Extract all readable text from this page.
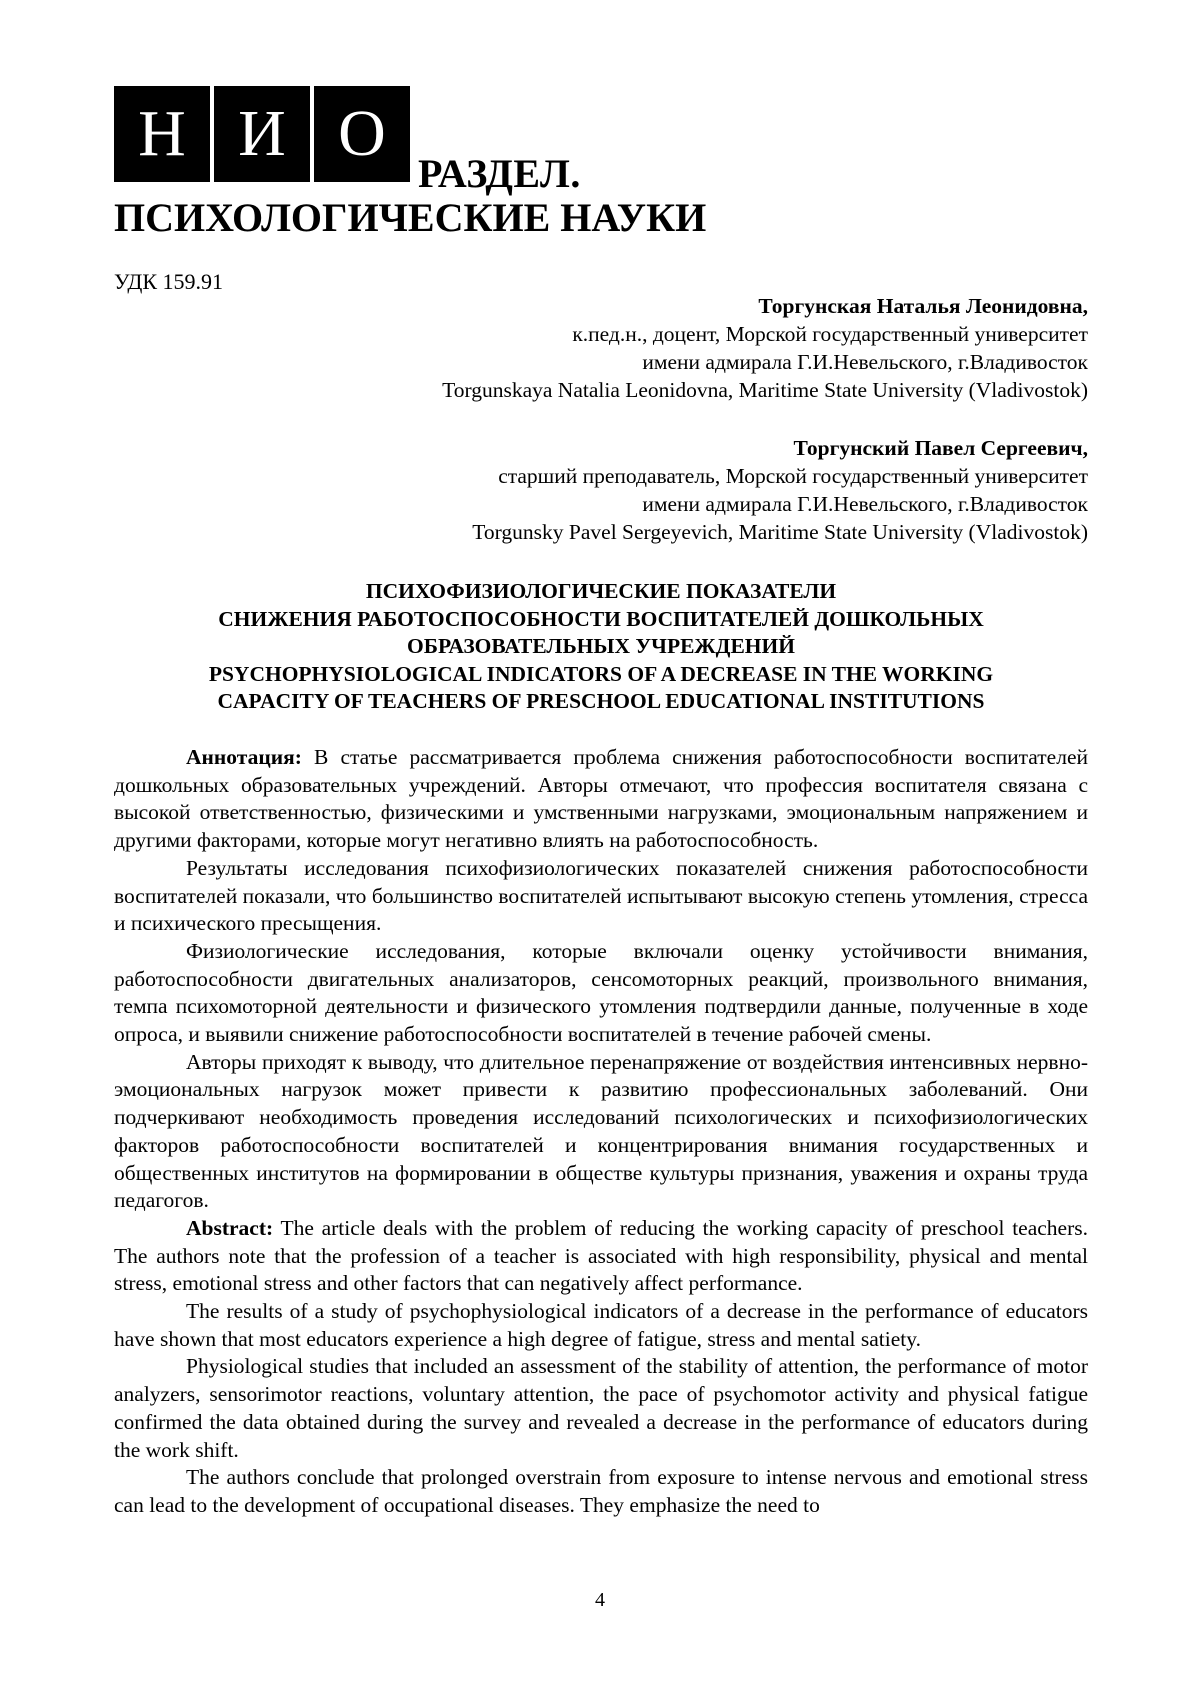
Н И О
РАЗДЕЛ.
ПСИХОЛОГИЧЕСКИЕ НАУКИ
УДК 159.91
Торгунская Наталья Леонидовна,
к.пед.н., доцент, Морской государственный университет
имени адмирала Г.И.Невельского, г.Владивосток
Torgunskaya Natalia Leonidovna, Maritime State University (Vladivostok)
Торгунский Павел Сергеевич,
старший преподаватель, Морской государственный университет
имени адмирала Г.И.Невельского, г.Владивосток
Torgunsky Pavel Sergeyevich, Maritime State University (Vladivostok)
ПСИХОФИЗИОЛОГИЧЕСКИЕ ПОКАЗАТЕЛИ
СНИЖЕНИЯ РАБОТОСПОСОБНОСТИ ВОСПИТАТЕЛЕЙ ДОШКОЛЬНЫХ
ОБРАЗОВАТЕЛЬНЫХ УЧРЕЖДЕНИЙ
PSYCHOPHYSIOLOGICAL INDICATORS OF A DECREASE IN THE WORKING
CAPACITY OF TEACHERS OF PRESCHOOL EDUCATIONAL INSTITUTIONS

Аннотация: В статье рассматривается проблема снижения работоспособности воспитателей дошкольных образовательных учреждений. Авторы отмечают, что профессия воспитателя связана с высокой ответственностью, физическими и умственными нагрузками, эмоциональным напряжением и другими факторами, которые могут негативно влиять на работоспособность.

Результаты исследования психофизиологических показателей снижения работоспособности воспитателей показали, что большинство воспитателей испытывают высокую степень утомления, стресса и психического пресыщения.

Физиологические исследования, которые включали оценку устойчивости внимания, работоспособности двигательных анализаторов, сенсомоторных реакций, произвольного внимания, темпа психомоторной деятельности и физического утомления подтвердили данные, полученные в ходе опроса, и выявили снижение работоспособности воспитателей в течение рабочей смены.

Авторы приходят к выводу, что длительное перенапряжение от воздействия интенсивных нервно-эмоциональных нагрузок может привести к развитию профессиональных заболеваний. Они подчеркивают необходимость проведения исследований психологических и психофизиологических факторов работоспособности воспитателей и концентрирования внимания государственных и общественных институтов на формировании в обществе культуры признания, уважения и охраны труда педагогов.

Abstract: The article deals with the problem of reducing the working capacity of preschool teachers. The authors note that the profession of a teacher is associated with high responsibility, physical and mental stress, emotional stress and other factors that can negatively affect performance.

The results of a study of psychophysiological indicators of a decrease in the performance of educators have shown that most educators experience a high degree of fatigue, stress and mental satiety.

Physiological studies that included an assessment of the stability of attention, the performance of motor analyzers, sensorimotor reactions, voluntary attention, the pace of psychomotor activity and physical fatigue confirmed the data obtained during the survey and revealed a decrease in the performance of educators during the work shift.

The authors conclude that prolonged overstrain from exposure to intense nervous and emotional stress can lead to the development of occupational diseases. They emphasize the need to

4
